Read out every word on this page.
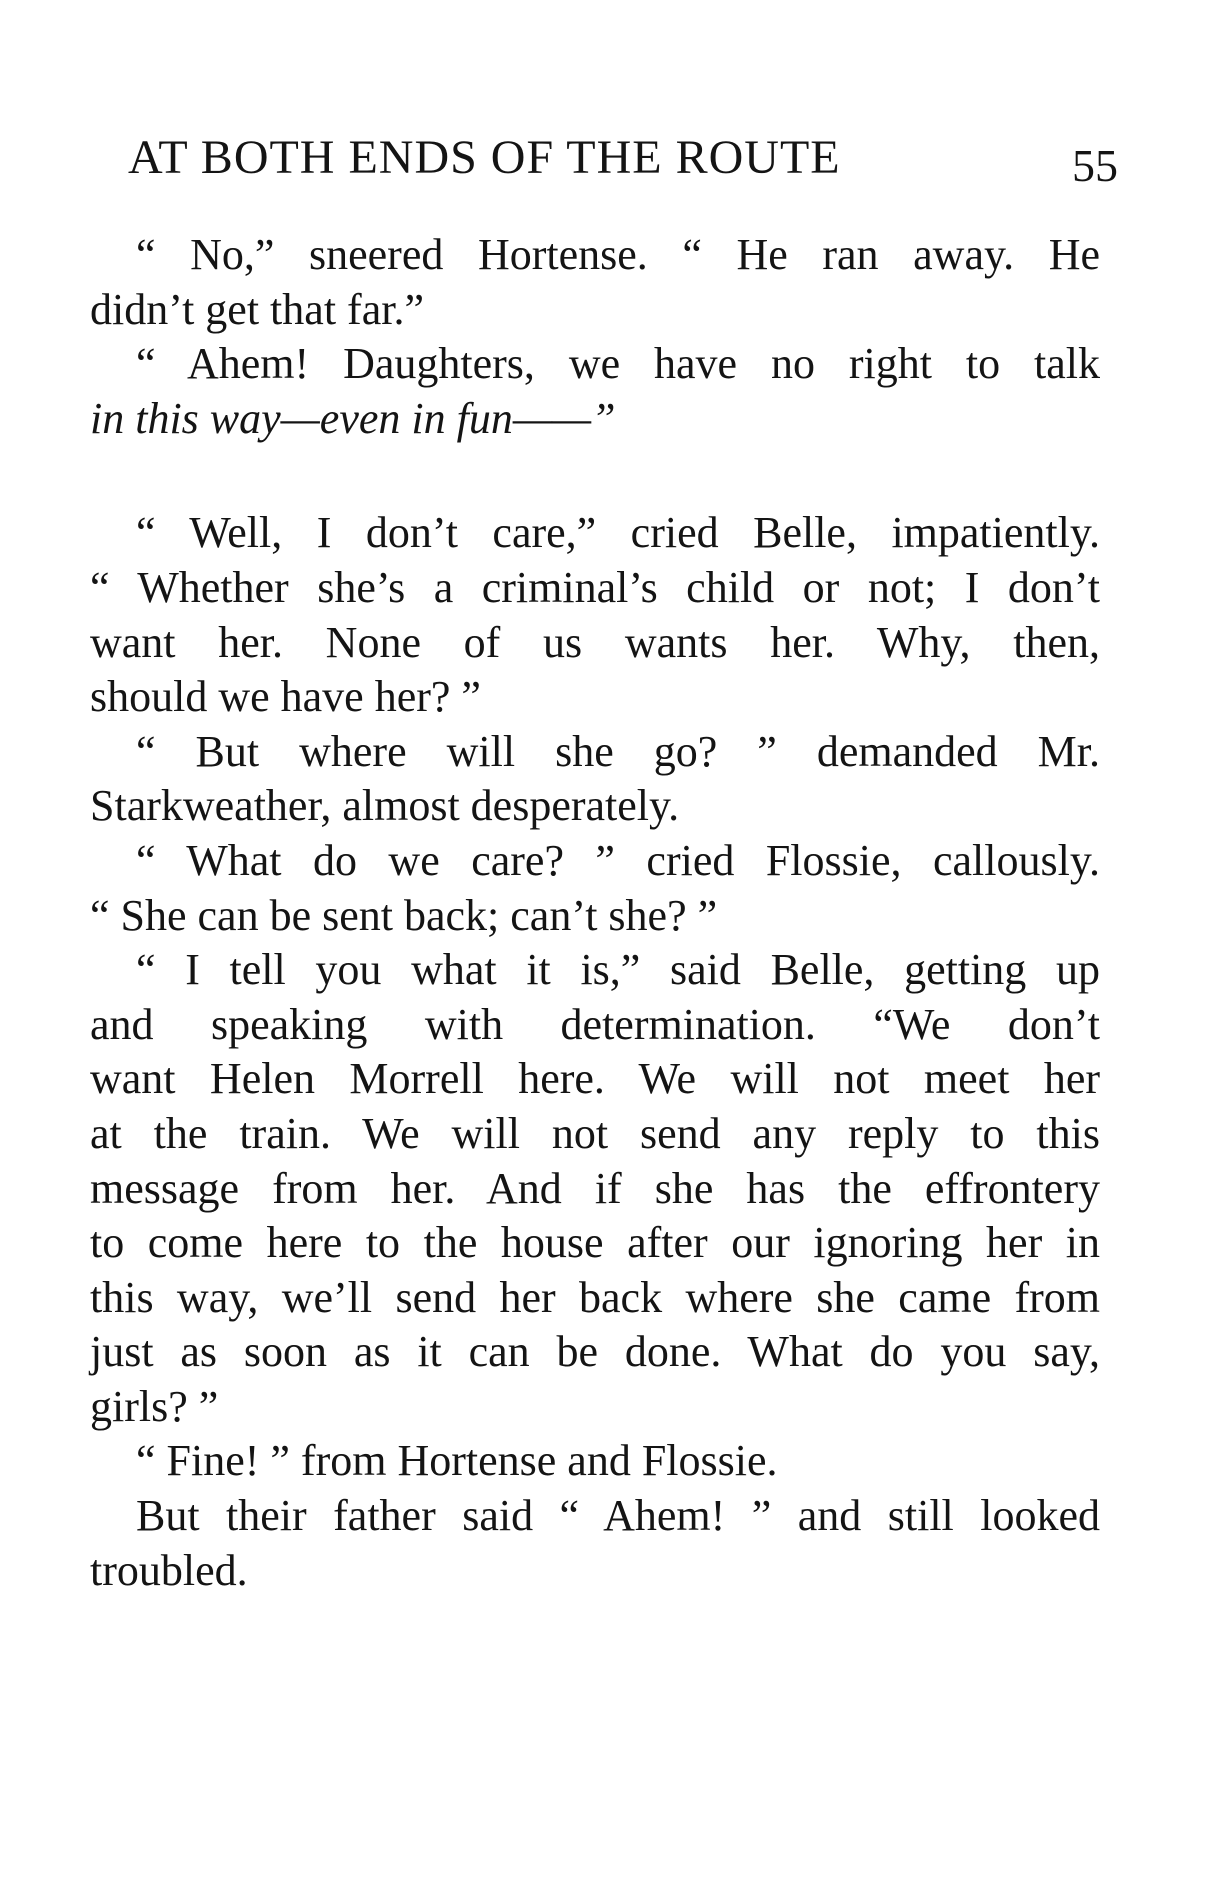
AT BOTH ENDS OF THE ROUTE	55
“ No,” sneered Hortense. “ He ran away. He
didn’t get that far.”
“ Ahem! Daughters, we have no right to talk
in this way—even in fun——”
“ Well, I don’t care,” cried Belle, impatiently.
“ Whether she’s a criminal’s child or not; I don’t
want her. None of us wants her. Why, then,
should we have her? ”
“ But where will she go? ” demanded Mr.
Starkweather, almost desperately.
“ What do we care? ” cried Flossie, callously.
“ She can be sent back; can’t she? ”
“ I tell you what it is,” said Belle, getting up
and speaking with determination. “We don’t
want Helen Morrell here. We will not meet her
at the train. We will not send any reply to this
message from her. And if she has the effrontery
to come here to the house after our ignoring her in
this way, we’ll send her back where she came from
just as soon as it can be done. What do you say,
girls? ”
“ Fine! ” from Hortense and Flossie.
But their father said “ Ahem! ” and still looked
troubled.
